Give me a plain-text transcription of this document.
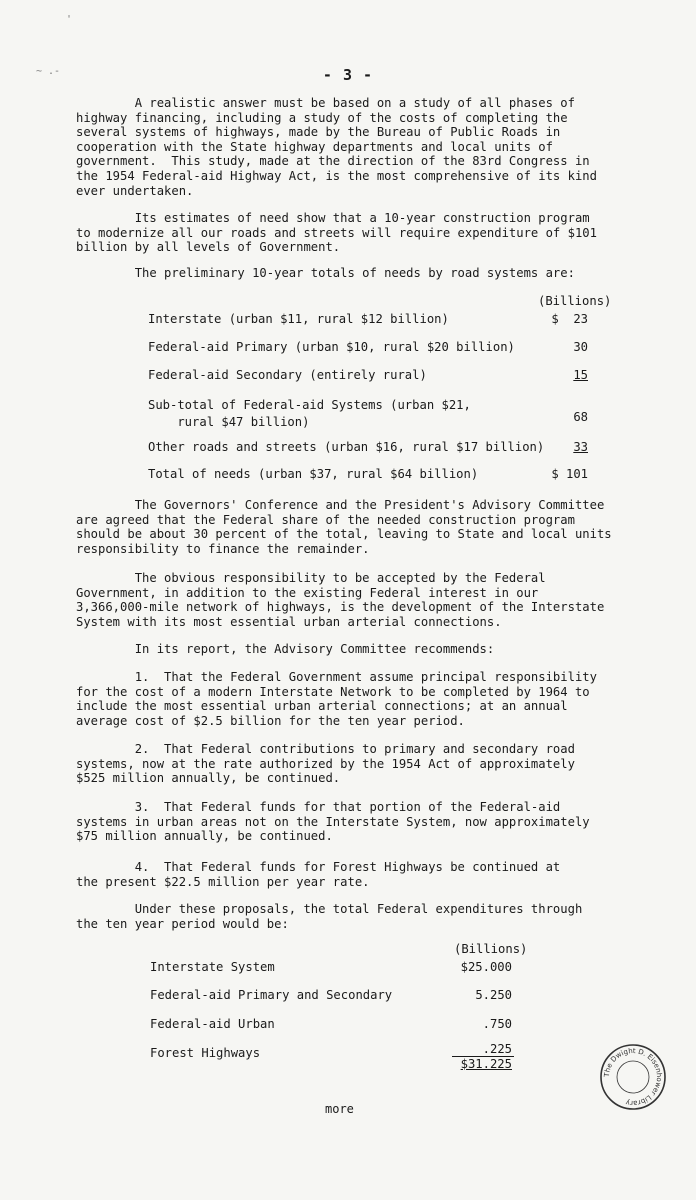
'
~ .-	- 3 -
A realistic answer must be based on a study of all phases of
highway financing, including a study of the costs of completing the
several systems of highways, made by the Bureau of Public Roads in
cooperation with the State highway departments and local units of
government.  This study, made at the direction of the 83rd Congress in
the 1954 Federal-aid Highway Act, is the most comprehensive of its kind
ever undertaken.
Its estimates of need show that a 10-year construction program
to modernize all our roads and streets will require expenditure of $101
billion by all levels of Government.
The preliminary 10-year totals of needs by road systems are:
(Billions)
Interstate (urban $11, rural $12 billion)	$  23
Federal-aid Primary (urban $10, rural $20 billion)	30
Federal-aid Secondary (entirely rural)	15
Sub-total of Federal-aid Systems (urban $21,
rural $47 billion)	68
Other roads and streets (urban $16, rural $17 billion)	33
Total of needs (urban $37, rural $64 billion)	$ 101
The Governors' Conference and the President's Advisory Committee
are agreed that the Federal share of the needed construction program
should be about 30 percent of the total, leaving to State and local units
responsibility to finance the remainder.
The obvious responsibility to be accepted by the Federal
Government, in addition to the existing Federal interest in our
3,366,000-mile network of highways, is the development of the Interstate
System with its most essential urban arterial connections.
In its report, the Advisory Committee recommends:
1.  That the Federal Government assume principal responsibility
for the cost of a modern Interstate Network to be completed by 1964 to
include the most essential urban arterial connections; at an annual
average cost of $2.5 billion for the ten year period.
2.  That Federal contributions to primary and secondary road
systems, now at the rate authorized by the 1954 Act of approximately
$525 million annually, be continued.
3.  That Federal funds for that portion of the Federal-aid
systems in urban areas not on the Interstate System, now approximately
$75 million annually, be continued.
4.  That Federal funds for Forest Highways be continued at
the present $22.5 million per year rate.
Under these proposals, the total Federal expenditures through
the ten year period would be:
(Billions)
Interstate System	$25.000
Federal-aid Primary and Secondary	5.250
Federal-aid Urban	.750
Forest Highways	.225
$31.225
more
The Dwight D. Eisenhower Library
